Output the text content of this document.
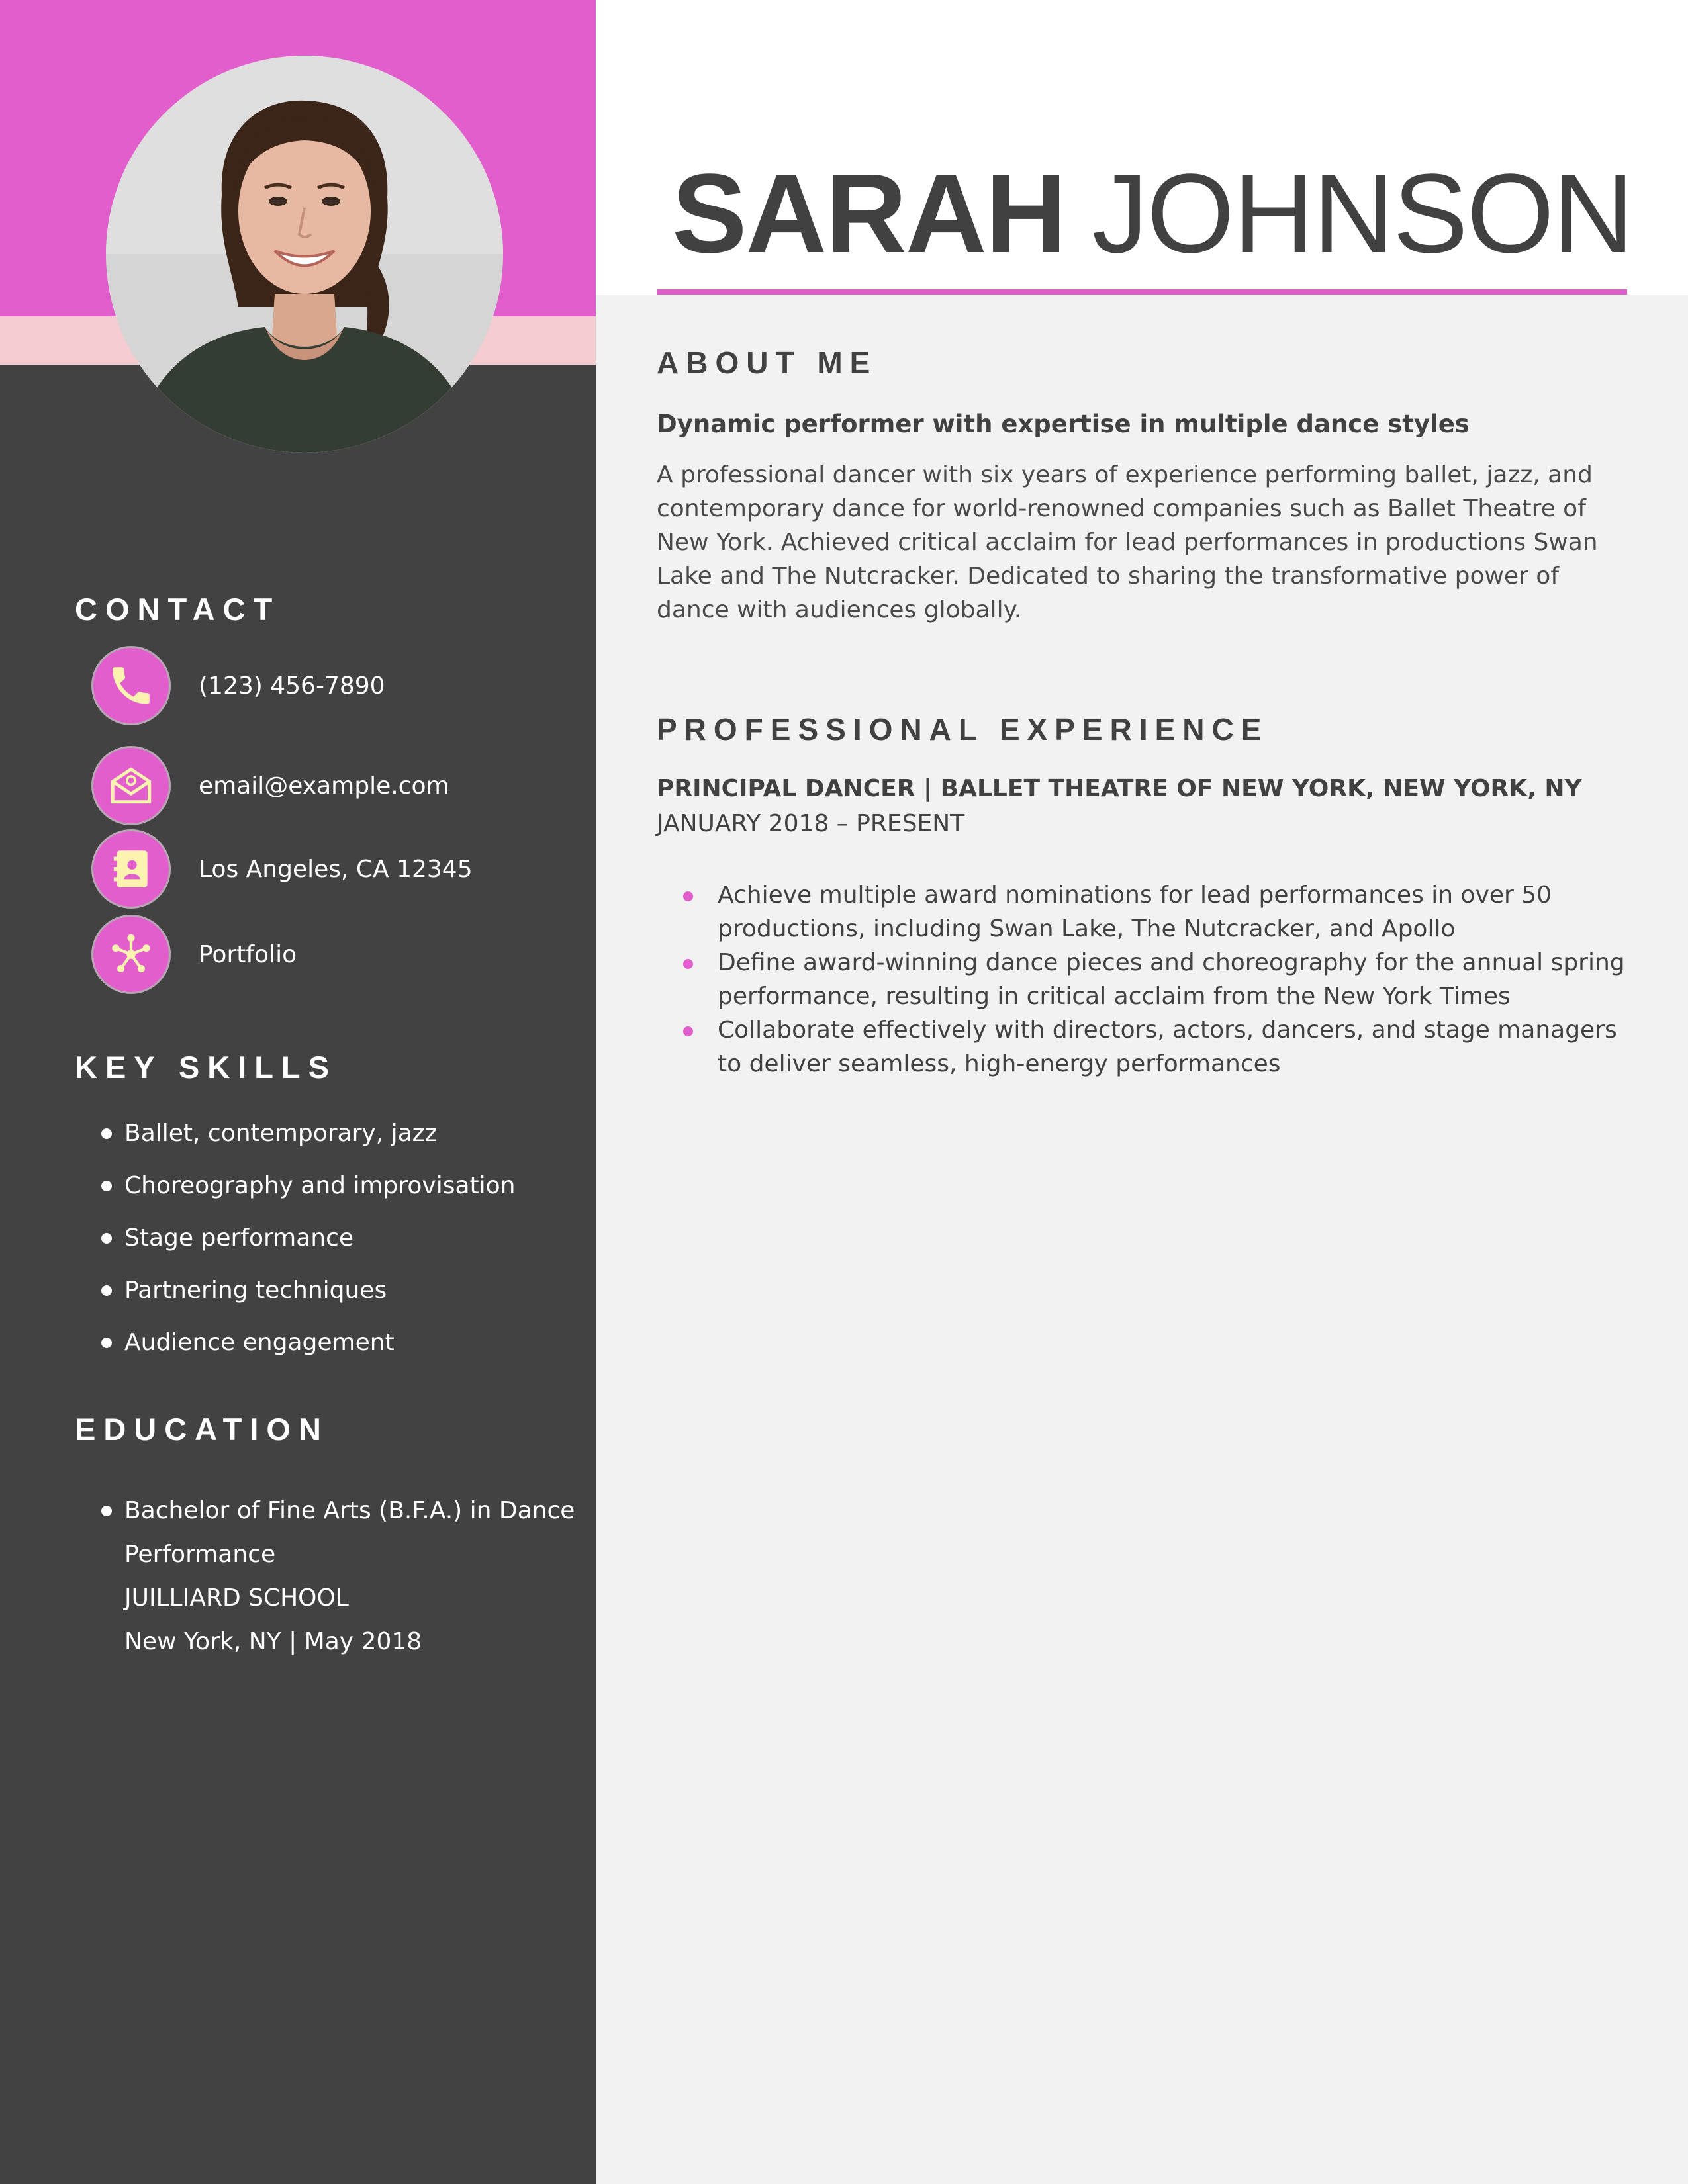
CONTACT
(123) 456-7890
email@example.com
Los Angeles, CA 12345
Portfolio
KEY SKILLS
Ballet, contemporary, jazz
Choreography and improvisation
Stage performance
Partnering techniques
Audience engagement
EDUCATION
Bachelor of Fine Arts (B.F.A.) in Dance
Performance
JUILLIARD SCHOOL
New York, NY | May 2018
SARAH JOHNSON
ABOUT ME

Dynamic performer with expertise in multiple dance styles

A professional dancer with six years of experience performing ballet, jazz, and contemporary dance for world-renowned companies such as Ballet Theatre of New York. Achieved critical acclaim for lead performances in productions Swan Lake and The Nutcracker. Dedicated to sharing the transformative power of dance with audiences globally.

PROFESSIONAL EXPERIENCE

PRINCIPAL DANCER | BALLET THEATRE OF NEW YORK, NEW YORK, NY

JANUARY 2018 – PRESENT

Achieve multiple award nominations for lead performances in over 50 productions, including Swan Lake, The Nutcracker, and Apollo
Define award-winning dance pieces and choreography for the annual spring performance, resulting in critical acclaim from the New York Times
Collaborate effectively with directors, actors, dancers, and stage managers to deliver seamless, high-energy performances
